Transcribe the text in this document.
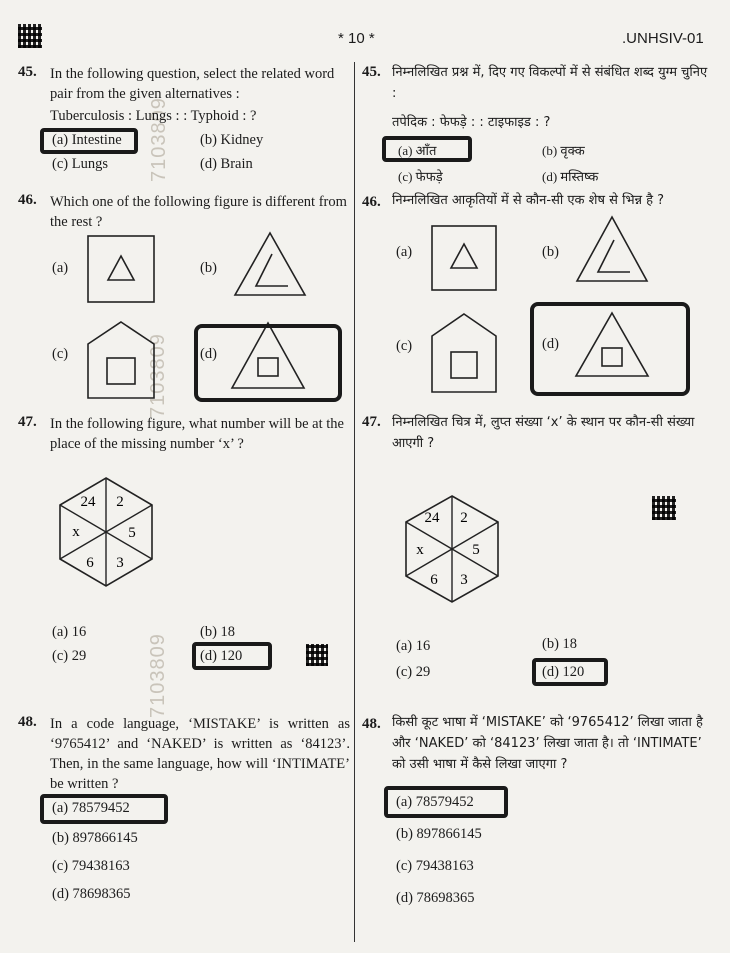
* 10 *	.UNHSIV-01
7103809
7103809
7103809
45. In the following question, select the related word pair from the given alternatives :
Tuberculosis : Lungs : : Typhoid : ?
(a) Intestine	(b) Kidney
(c) Lungs	(d) Brain
45. निम्नलिखित प्रश्न में, दिए गए विकल्पों में से संबंधित शब्द युग्म चुनिए :
तपेदिक : फेफड़े : : टाइफाइड : ?
(a) आँत	(b) वृक्क
(c) फेफड़े	(d) मस्तिष्क
46. Which one of the following figure is different from the rest ?
(a)	(b)
(c)	(d)
46. निम्नलिखित आकृतियों में से कौन-सी एक शेष से भिन्न है ?
(a)	(b)
(c)	(d)
47. In the following figure, what number will be at the place of the missing number ‘x’ ?
24 2
5
3
6
x
(a) 16	(b) 18
(c) 29	(d) 120
47. निम्नलिखित चित्र में, लुप्त संख्या ‘x’ के स्थान पर कौन-सी संख्या आएगी ?
24 2
5
3
6
x
(a) 16	(b) 18
(c) 29	(d) 120
48. In a code language, ‘MISTAKE’ is written as ‘9765412’ and ‘NAKED’ is written as ‘84123’. Then, in the same language, how will ‘INTIMATE’ be written ?
(a) 78579452
(b) 897866145
(c) 79438163
(d) 78698365
48. किसी कूट भाषा में ‘MISTAKE’ को ‘9765412’ लिखा जाता है और ‘NAKED’ को ‘84123’ लिखा जाता है। तो ‘INTIMATE’ को उसी भाषा में कैसे लिखा जाएगा ?
(a) 78579452
(b) 897866145
(c) 79438163
(d) 78698365
